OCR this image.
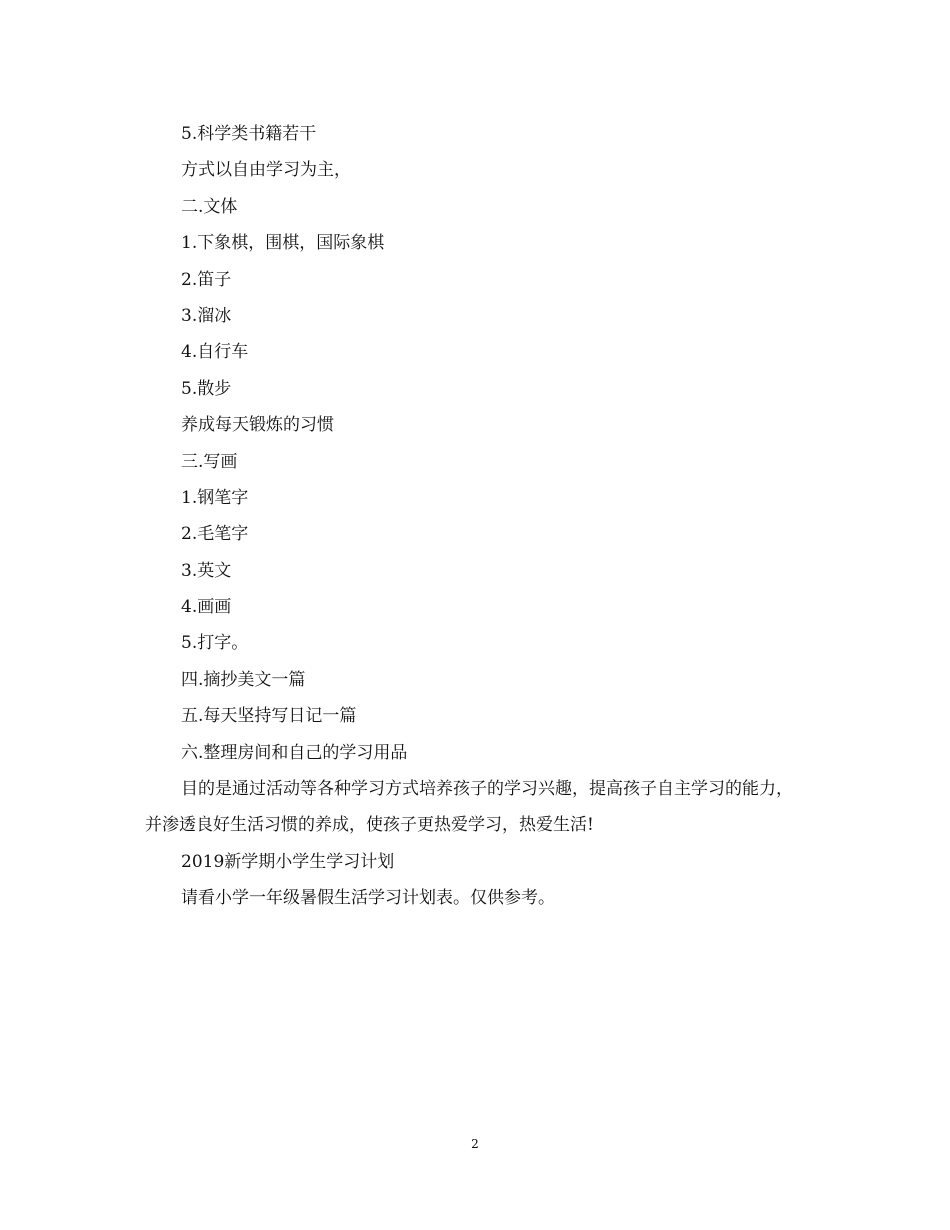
5.科学类书籍若干
方式以自由学习为主，
二.文体
1.下象棋，围棋，国际象棋
2.笛子
3.溜冰
4.自行车
5.散步
养成每天锻炼的习惯
三.写画
1.钢笔字
2.毛笔字
3.英文
4.画画
5.打字。
四.摘抄美文一篇
五.每天坚持写日记一篇
六.整理房间和自己的学习用品
目的是通过活动等各种学习方式培养孩子的学习兴趣，提高孩子自主学习的能力，并渗透良好生活习惯的养成，使孩子更热爱学习，热爱生活!
2019新学期小学生学习计划
请看小学一年级暑假生活学习计划表。仅供参考。
2
